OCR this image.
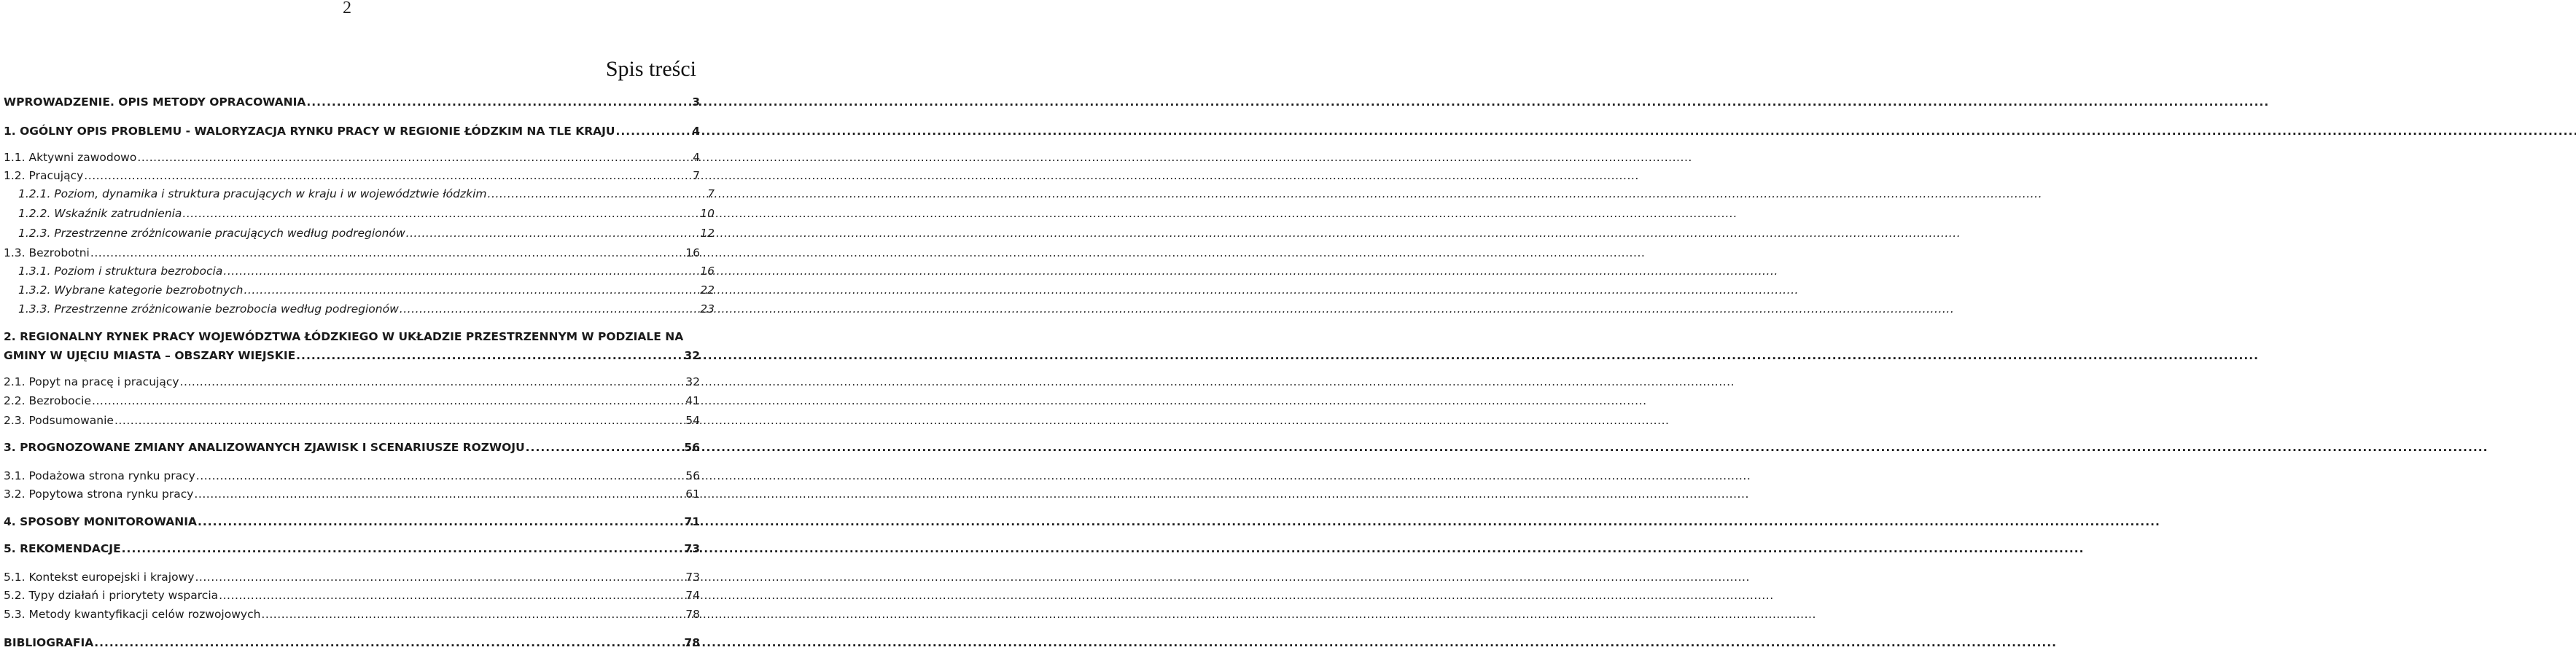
2
Spis treści
WPROWADZENIE. OPIS METODY OPRACOWANIA . . .	3
1. OGÓLNY OPIS PROBLEMU - WALORYZACJA RYNKU PRACY W REGIONIE ŁÓDZKIM NA TLE KRAJU . . .	4
1.1. Aktywni zawodowo . . .	4
1.2. Pracujący . . .	7
1.2.1. Poziom, dynamika i struktura pracujących w kraju i w województwie łódzkim . . .	7
1.2.2. Wskaźnik zatrudnienia . . .	10
1.2.3. Przestrzenne zróżnicowanie pracujących według podregionów . . .	12
1.3. Bezrobotni . . .	16
1.3.1. Poziom i struktura bezrobocia . . .	16
1.3.2. Wybrane kategorie bezrobotnych . . .	22
1.3.3. Przestrzenne zróżnicowanie bezrobocia według podregionów . . .	23
2. REGIONALNY RYNEK PRACY WOJEWÓDZTWA ŁÓDZKIEGO W UKŁADZIE PRZESTRZENNYM W PODZIALE NA
GMINY W UJĘCIU MIASTA – OBSZARY WIEJSKIE . . .	32
2.1. Popyt na pracę i pracujący . . .	32
2.2. Bezrobocie . . .	41
2.3. Podsumowanie . . .	54
3. PROGNOZOWANE ZMIANY ANALIZOWANYCH ZJAWISK I SCENARIUSZE ROZWOJU . . .	56
3.1. Podażowa strona rynku pracy . . .	56
3.2. Popytowa strona rynku pracy . . .	61
4. SPOSOBY MONITOROWANIA . . .	71
5. REKOMENDACJE . . .	73
5.1. Kontekst europejski i krajowy . . .	73
5.2. Typy działań i priorytety wsparcia . . .	74
5.3. Metody kwantyfikacji celów rozwojowych . . .	78
BIBLIOGRAFIA . . .	78
